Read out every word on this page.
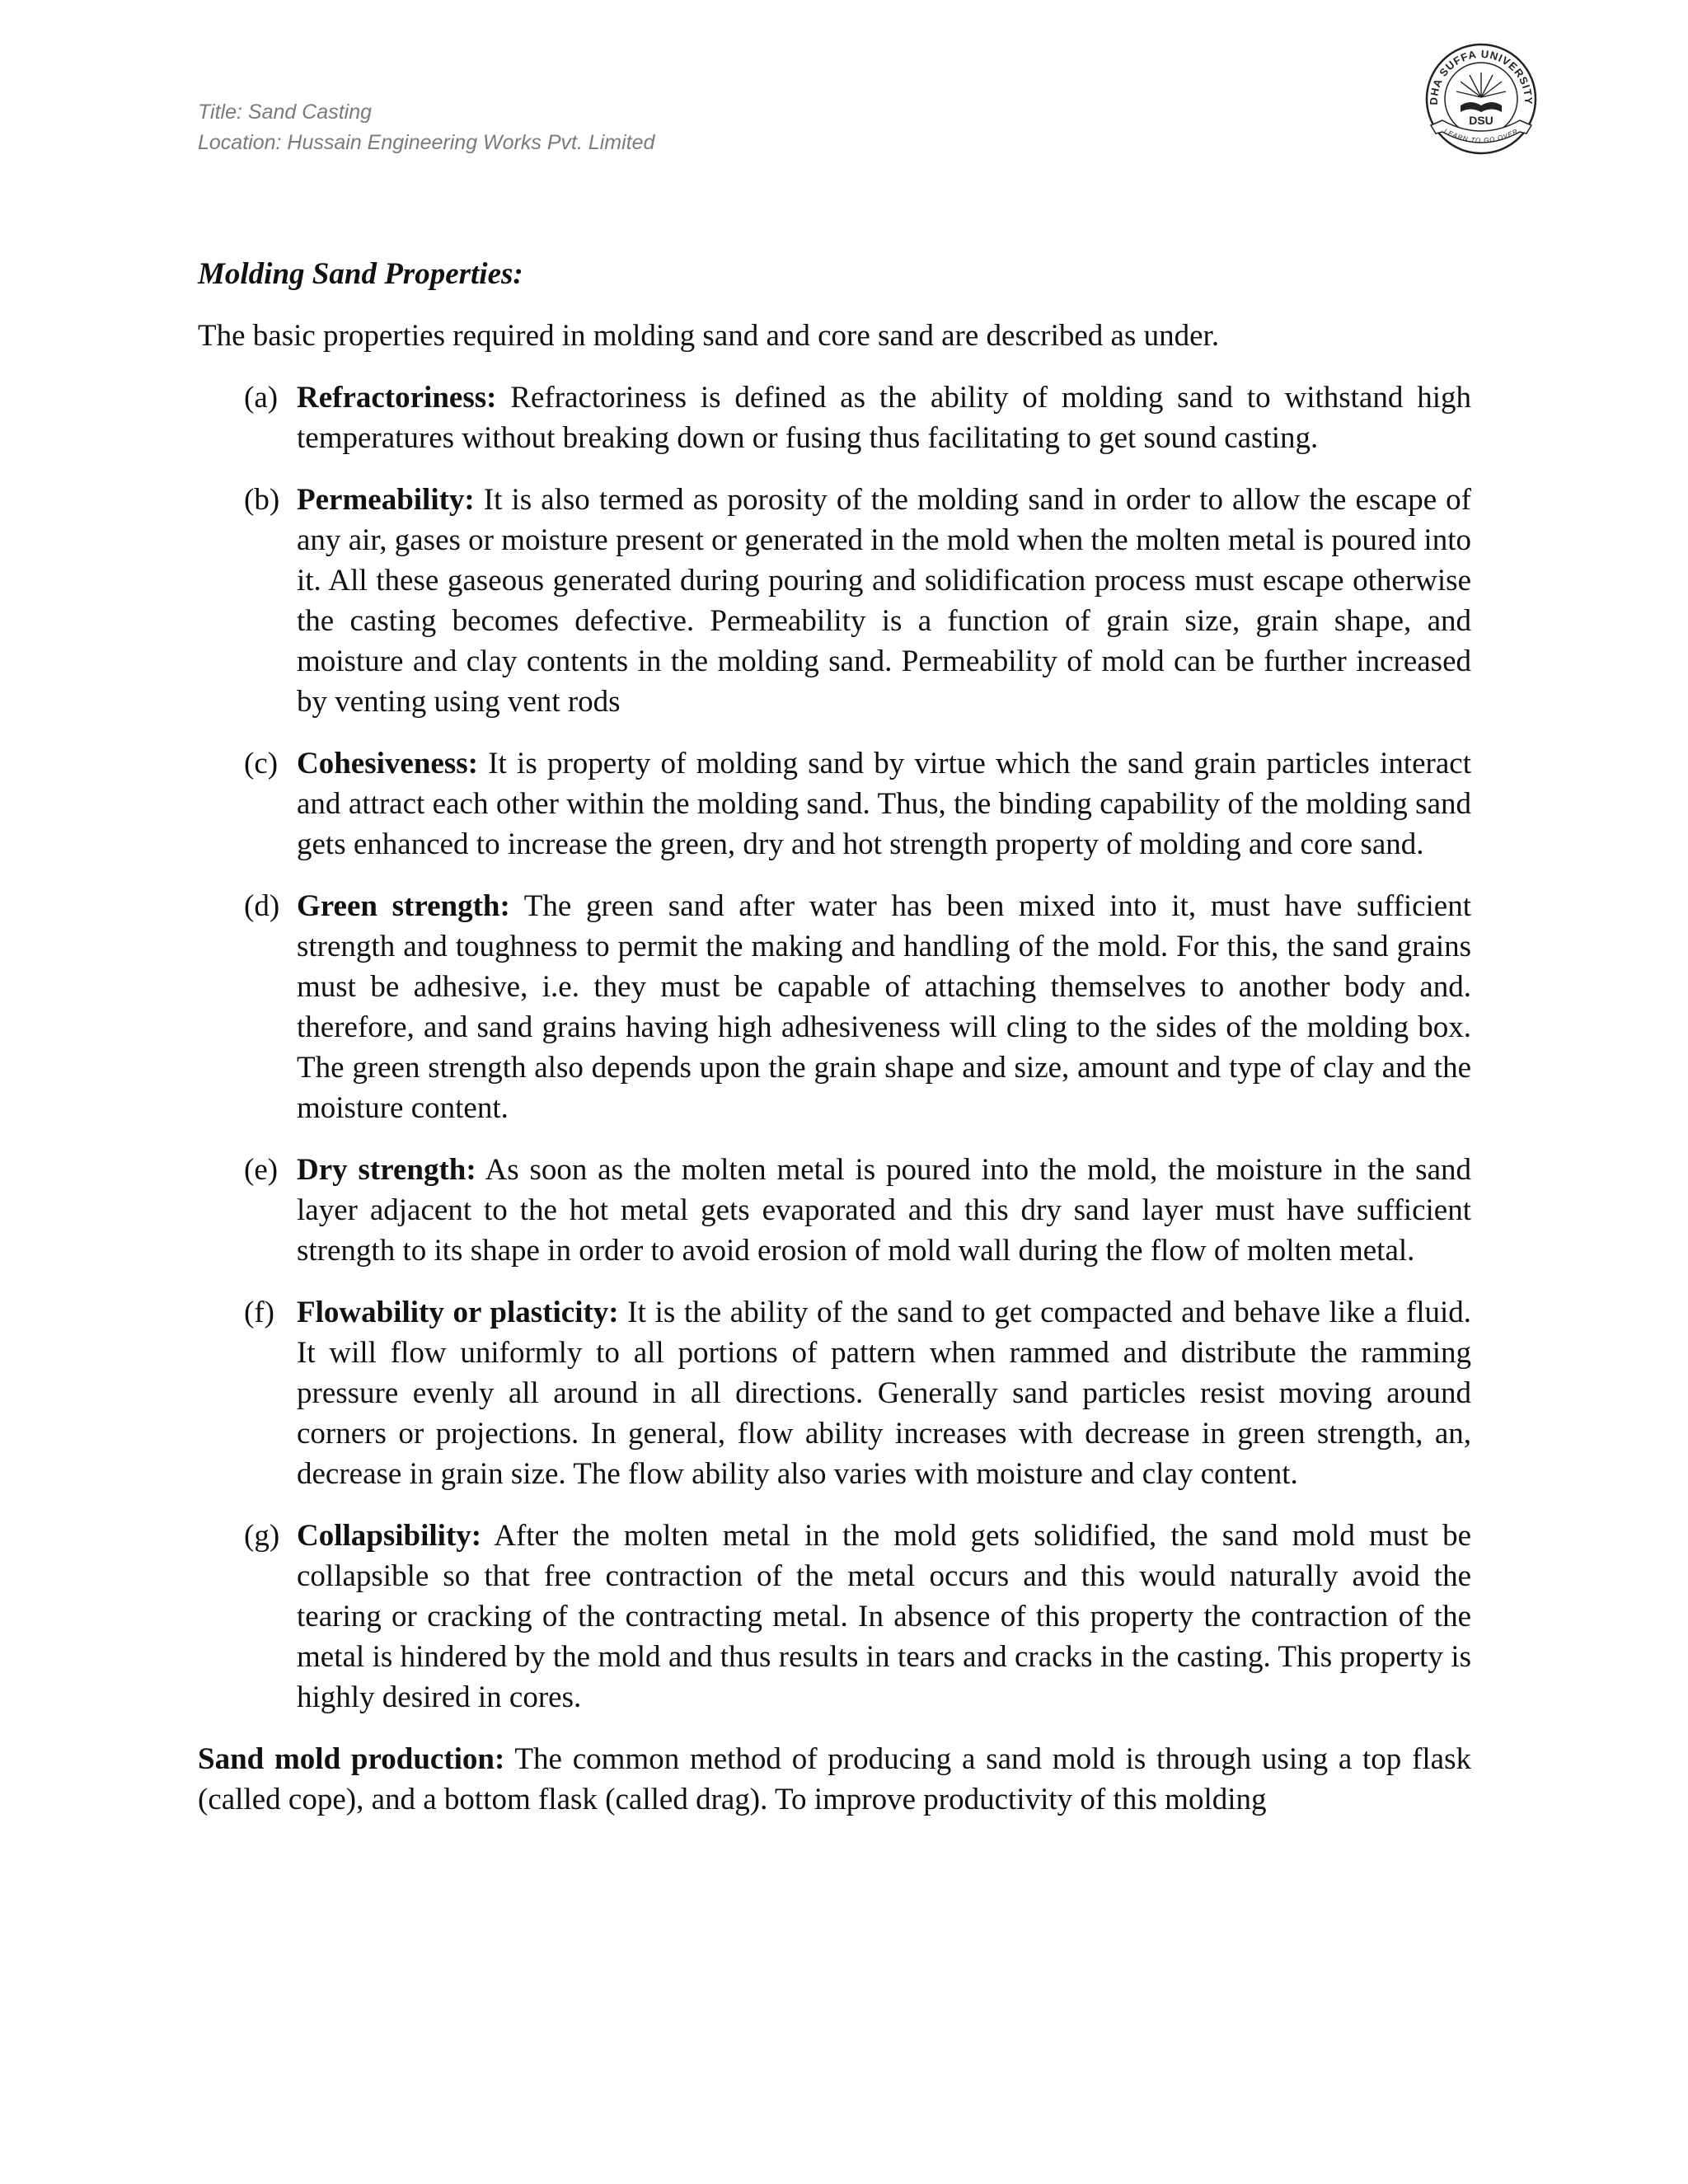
Title: Sand Casting
Location: Hussain Engineering Works Pvt. Limited
DHA SUFFA UNIVERSITY
DSU
LEARN TO GO OVER

Molding Sand Properties:

The basic properties required in molding sand and core sand are described as under.

(a) Refractoriness: Refractoriness is defined as the ability of molding sand to withstand high temperatures without breaking down or fusing thus facilitating to get sound casting.
(b) Permeability: It is also termed as porosity of the molding sand in order to allow the escape of any air, gases or moisture present or generated in the mold when the molten metal is poured into it. All these gaseous generated during pouring and solidification process must escape otherwise the casting becomes defective. Permeability is a function of grain size, grain shape, and moisture and clay contents in the molding sand. Permeability of mold can be further increased by venting using vent rods
(c) Cohesiveness: It is property of molding sand by virtue which the sand grain particles interact and attract each other within the molding sand. Thus, the binding capability of the molding sand gets enhanced to increase the green, dry and hot strength property of molding and core sand.
(d) Green strength: The green sand after water has been mixed into it, must have sufficient strength and toughness to permit the making and handling of the mold. For this, the sand grains must be adhesive, i.e. they must be capable of attaching themselves to another body and. therefore, and sand grains having high adhesiveness will cling to the sides of the molding box. The green strength also depends upon the grain shape and size, amount and type of clay and the moisture content.
(e) Dry strength: As soon as the molten metal is poured into the mold, the moisture in the sand layer adjacent to the hot metal gets evaporated and this dry sand layer must have sufficient strength to its shape in order to avoid erosion of mold wall during the flow of molten metal.
(f) Flowability or plasticity: It is the ability of the sand to get compacted and behave like a fluid. It will flow uniformly to all portions of pattern when rammed and distribute the ramming pressure evenly all around in all directions. Generally sand particles resist moving around corners or projections. In general, flow ability increases with decrease in green strength, an, decrease in grain size. The flow ability also varies with moisture and clay content.
(g) Collapsibility: After the molten metal in the mold gets solidified, the sand mold must be collapsible so that free contraction of the metal occurs and this would naturally avoid the tearing or cracking of the contracting metal. In absence of this property the contraction of the metal is hindered by the mold and thus results in tears and cracks in the casting. This property is highly desired in cores.

Sand mold production: The common method of producing a sand mold is through using a top flask (called cope), and a bottom flask (called drag). To improve productivity of this molding
